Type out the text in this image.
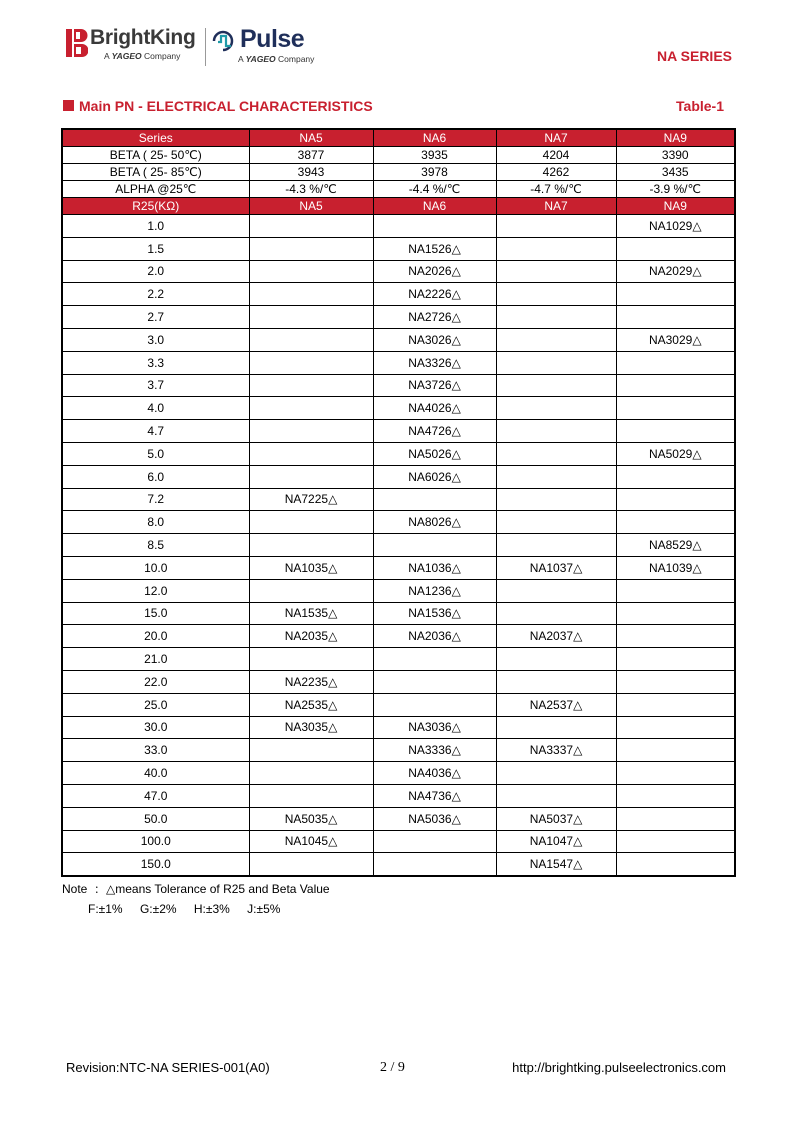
BrightKing
A YAGEO Company
Pulse
A YAGEO Company	NA SERIES
Main PN - ELECTRICAL CHARACTERISTICS	Table-1
Series	NA5	NA6	NA7	NA9
BETA ( 25- 50℃)	3877	3935	4204	3390
BETA ( 25- 85℃)	3943	3978	4262	3435
ALPHA @25℃	-4.3 %/℃	-4.4 %/℃	-4.7 %/℃	-3.9 %/℃
R25(KΩ)	NA5	NA6	NA7	NA9
1.0				NA1029△
1.5		NA1526△		
2.0		NA2026△		NA2029△
2.2		NA2226△		
2.7		NA2726△		
3.0		NA3026△		NA3029△
3.3		NA3326△		
3.7		NA3726△		
4.0		NA4026△		
4.7		NA4726△		
5.0		NA5026△		NA5029△
6.0		NA6026△		
7.2	NA7225△			
8.0		NA8026△		
8.5				NA8529△
10.0	NA1035△	NA1036△	NA1037△	NA1039△
12.0		NA1236△		
15.0	NA1535△	NA1536△		
20.0	NA2035△	NA2036△	NA2037△	
21.0				
22.0	NA2235△			
25.0	NA2535△		NA2537△	
30.0	NA3035△	NA3036△		
33.0		NA3336△	NA3337△	
40.0		NA4036△		
47.0		NA4736△		
50.0	NA5035△	NA5036△	NA5037△	
100.0	NA1045△		NA1047△	
150.0			NA1547△	
Note  ：△means Tolerance of R25 and Beta Value
F:±1% G:±2% H:±3% J:±5%
Revision:NTC-NA SERIES-001(A0)	2 / 9	http://brightking.pulseelectronics.com
